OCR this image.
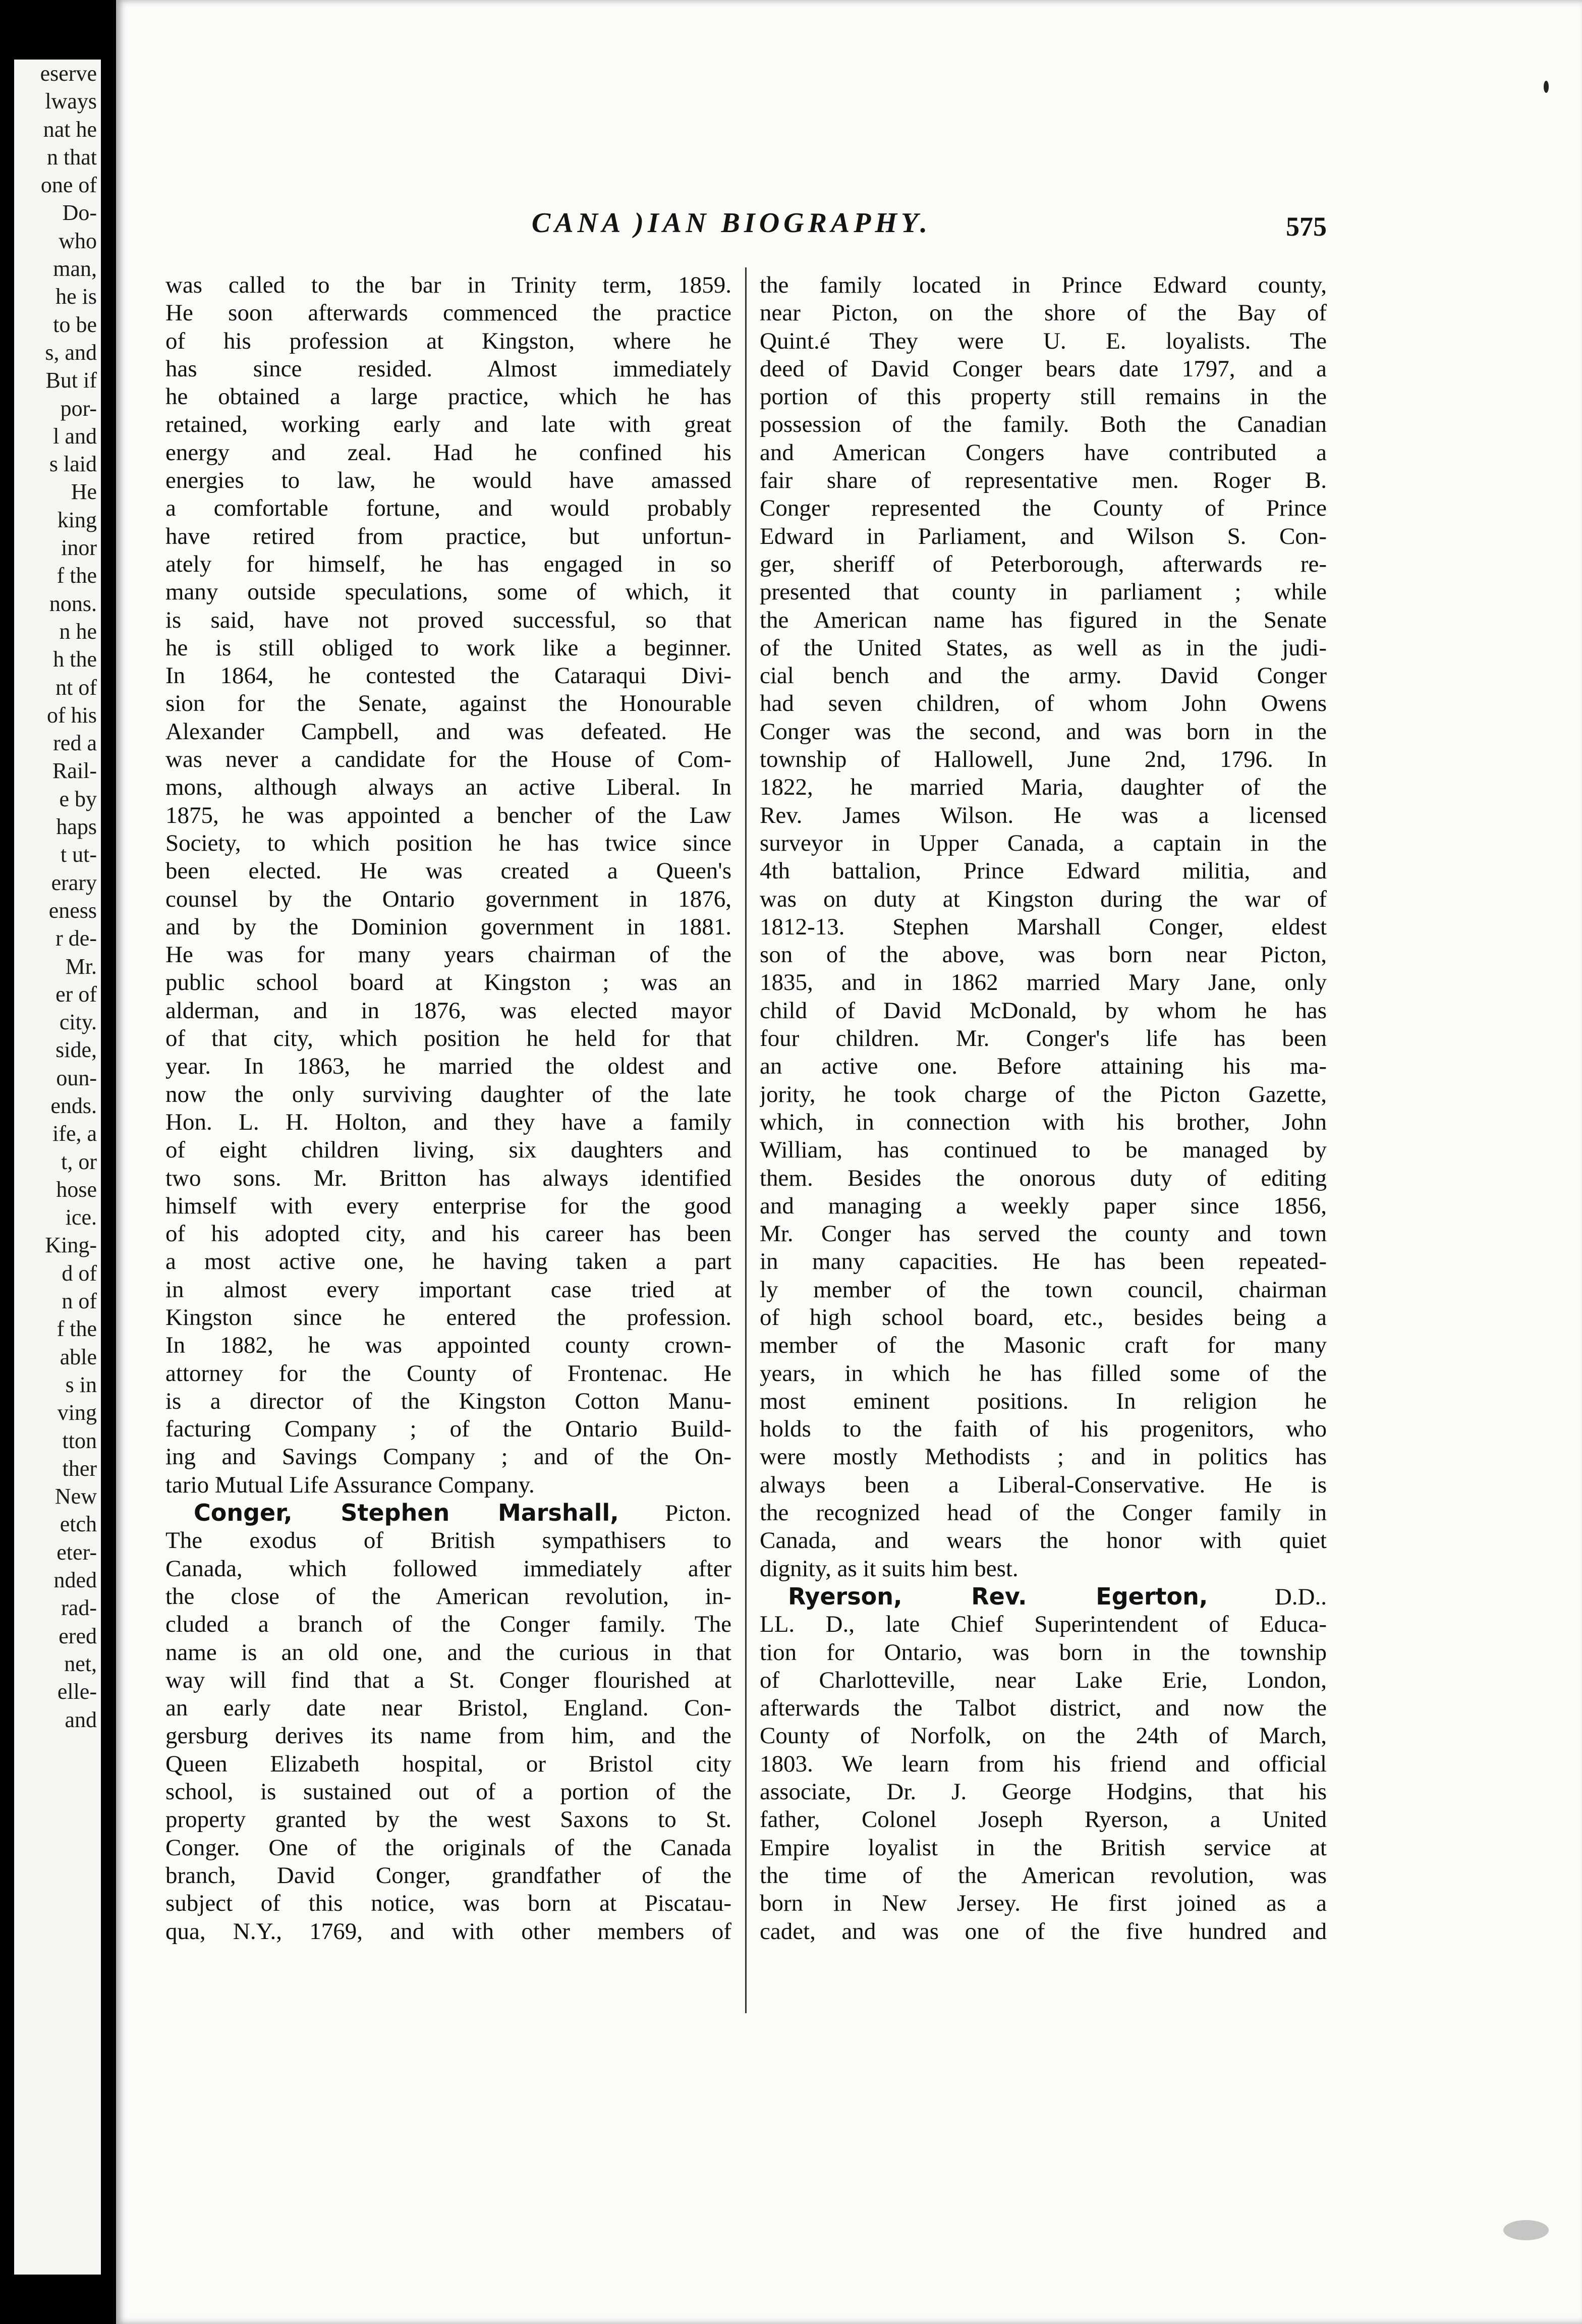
eserve
lways
nat he
n that
one of
Do-
who
man,
he is
to be
s, and
But if
por-
l and
s laid
He
king
inor
f the
nons.
n he
h the
nt of
of his
red a
Rail-
e by
haps
t ut-
erary
eness
r de-
Mr.
er of
city.
side,
oun-
ends.
ife, a
t, or
hose
ice.
King-
d of
n of
f the
able
s in
ving
tton
ther
New
etch
eter-
nded
rad-
ered
net,
elle-
and
CANA )IAN BIOGRAPHY.	575
was called to the bar in Trinity term, 1859.
He soon afterwards commenced the practice
of his profession at Kingston, where he
has since resided. Almost immediately
he obtained a large practice, which he has
retained, working early and late with great
energy and zeal. Had he confined his
energies to law, he would have amassed
a comfortable fortune, and would probably
have retired from practice, but unfortun-
ately for himself, he has engaged in so
many outside speculations, some of which, it
is said, have not proved successful, so that
he is still obliged to work like a beginner.
In 1864, he contested the Cataraqui Divi-
sion for the Senate, against the Honourable
Alexander Campbell, and was defeated. He
was never a candidate for the House of Com-
mons, although always an active Liberal. In
1875, he was appointed a bencher of the Law
Society, to which position he has twice since
been elected. He was created a Queen's
counsel by the Ontario government in 1876,
and by the Dominion government in 1881.
He was for many years chairman of the
public school board at Kingston ; was an
alderman, and in 1876, was elected mayor
of that city, which position he held for that
year. In 1863, he married the oldest and
now the only surviving daughter of the late
Hon. L. H. Holton, and they have a family
of eight children living, six daughters and
two sons. Mr. Britton has always identified
himself with every enterprise for the good
of his adopted city, and his career has been
a most active one, he having taken a part
in almost every important case tried at
Kingston since he entered the profession.
In 1882, he was appointed county crown-
attorney for the County of Frontenac. He
is a director of the Kingston Cotton Manu-
facturing Company ; of the Ontario Build-
ing and Savings Company ; and of the On-
tario Mutual Life Assurance Company.
Conger, Stephen Marshall, Picton.
The exodus of British sympathisers to
Canada, which followed immediately after
the close of the American revolution, in-
cluded a branch of the Conger family. The
name is an old one, and the curious in that
way will find that a St. Conger flourished at
an early date near Bristol, England. Con-
gersburg derives its name from him, and the
Queen Elizabeth hospital, or Bristol city
school, is sustained out of a portion of the
property granted by the west Saxons to St.
Conger. One of the originals of the Canada
branch, David Conger, grandfather of the
subject of this notice, was born at Piscatau-
qua, N.Y., 1769, and with other members of
the family located in Prince Edward county,
near Picton, on the shore of the Bay of
Quint.é They were U. E. loyalists. The
deed of David Conger bears date 1797, and a
portion of this property still remains in the
possession of the family. Both the Canadian
and American Congers have contributed a
fair share of representative men. Roger B.
Conger represented the County of Prince
Edward in Parliament, and Wilson S. Con-
ger, sheriff of Peterborough, afterwards re-
presented that county in parliament ; while
the American name has figured in the Senate
of the United States, as well as in the judi-
cial bench and the army. David Conger
had seven children, of whom John Owens
Conger was the second, and was born in the
township of Hallowell, June 2nd, 1796. In
1822, he married Maria, daughter of the
Rev. James Wilson. He was a licensed
surveyor in Upper Canada, a captain in the
4th battalion, Prince Edward militia, and
was on duty at Kingston during the war of
1812-13. Stephen Marshall Conger, eldest
son of the above, was born near Picton,
1835, and in 1862 married Mary Jane, only
child of David McDonald, by whom he has
four children. Mr. Conger's life has been
an active one. Before attaining his ma-
jority, he took charge of the Picton Gazette,
which, in connection with his brother, John
William, has continued to be managed by
them. Besides the onorous duty of editing
and managing a weekly paper since 1856,
Mr. Conger has served the county and town
in many capacities. He has been repeated-
ly member of the town council, chairman
of high school board, etc., besides being a
member of the Masonic craft for many
years, in which he has filled some of the
most eminent positions. In religion he
holds to the faith of his progenitors, who
were mostly Methodists ; and in politics has
always been a Liberal-Conservative. He is
the recognized head of the Conger family in
Canada, and wears the honor with quiet
dignity, as it suits him best.
Ryerson, Rev. Egerton, D.D..
LL. D., late Chief Superintendent of Educa-
tion for Ontario, was born in the township
of Charlotteville, near Lake Erie, London,
afterwards the Talbot district, and now the
County of Norfolk, on the 24th of March,
1803. We learn from his friend and official
associate, Dr. J. George Hodgins, that his
father, Colonel Joseph Ryerson, a United
Empire loyalist in the British service at
the time of the American revolution, was
born in New Jersey. He first joined as a
cadet, and was one of the five hundred and
